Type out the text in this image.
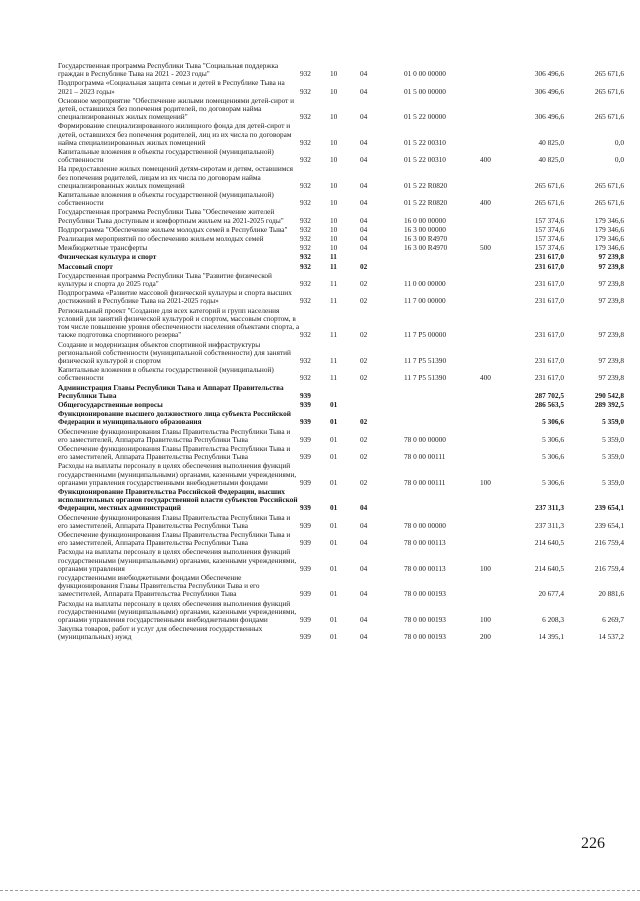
Государственная программа Республики Тыва "Социальная поддержка граждан в Республике Тыва на 2021 - 2023 годы"	932	10	04	01 0 00 00000		306 496,6	265 671,6
Подпрограмма «Социальная защита семьи и детей в Республике Тыва на 2021 – 2023 годы»	932	10	04	01 5 00 00000		306 496,6	265 671,6
Основное мероприятие "Обеспечение жилыми помещениями детей-сирот и детей, оставшихся без попечения родителей, по договорам найма специализированных жилых помещений"	932	10	04	01 5 22 00000		306 496,6	265 671,6
Формирование специализированного жилищного фонда для детей-сирот и детей, оставшихся без попечения родителей, лиц из их числа по договорам найма специализированных жилых помещений	932	10	04	01 5 22 00310		40 825,0	0,0
Капитальные вложения в объекты государственной (муниципальной) собственности	932	10	04	01 5 22 00310	400	40 825,0	0,0
На предоставление жилых помещений детям-сиротам и детям, оставшимся без попечения родителей, лицам из их числа по договорам найма специализированных жилых помещений	932	10	04	01 5 22 R0820		265 671,6	265 671,6
Капитальные вложения в объекты государственной (муниципальной) собственности	932	10	04	01 5 22 R0820	400	265 671,6	265 671,6
Государственная программа Республики Тыва "Обеспечение жителей Республики Тыва доступным и комфортным жильем на 2021-2025 годы"	932	10	04	16 0 00 00000		157 374,6	179 346,6
Подпрограмма "Обеспечение жильем молодых семей в Республике Тыва"	932	10	04	16 3 00 00000		157 374,6	179 346,6
Реализация мероприятий по обеспечению жильем молодых семей	932	10	04	16 3 00 R4970		157 374,6	179 346,6
Межбюджетные трансферты	932	10	04	16 3 00 R4970	500	157 374,6	179 346,6
Физическая культура и спорт	932	11				231 617,0	97 239,8
Массовый спорт	932	11	02			231 617,0	97 239,8
Государственная программа Республики Тыва "Развитие физической культуры и спорта до 2025 года"	932	11	02	11 0 00 00000		231 617,0	97 239,8
Подпрограмма «Развитие массовой физической культуры и спорта высших достижений в Республике Тыва на 2021-2025 годы»	932	11	02	11 7 00 00000		231 617,0	97 239,8
Региональный проект "Создание для всех категорий и групп населения условий для занятий физической культурой и спортом, массовым спортом, в том числе повышение уровня обеспеченности населения объектами спорта, а также подготовка спортивного резерва"	932	11	02	11 7 P5 00000		231 617,0	97 239,8
Создание и модернизация объектов спортивной инфраструктуры региональной собственности (муниципальной собственности) для занятий физической культурой и спортом	932	11	02	11 7 P5 51390		231 617,0	97 239,8
Капитальные вложения в объекты государственной (муниципальной) собственности	932	11	02	11 7 P5 51390	400	231 617,0	97 239,8
Администрация Главы Республики Тыва и Аппарат Правительства Республики Тыва	939					287 702,5	290 542,8
Общегосударственные вопросы	939	01				286 563,5	289 392,5
Функционирование высшего должностного лица субъекта Российской Федерации и муниципального образования	939	01	02			5 306,6	5 359,0
Обеспечение функционирования Главы Правительства Республики Тыва и его заместителей, Аппарата Правительства Республики Тыва	939	01	02	78 0 00 00000		5 306,6	5 359,0
Обеспечение функционирования Главы Правительства Республики Тыва и его заместителей, Аппарата Правительства Республики Тыва	939	01	02	78 0 00 00111		5 306,6	5 359,0
Расходы на выплаты персоналу в целях обеспечения выполнения функций государственными (муниципальными) органами, казенными учреждениями, органами управления государственными внебюджетными фондами	939	01	02	78 0 00 00111	100	5 306,6	5 359,0
Функционирование Правительства Российской Федерации, высших исполнительных органов государственной власти субъектов Российской Федерации, местных администраций	939	01	04			237 311,3	239 654,1
Обеспечение функционирования Главы Правительства Республики Тыва и его заместителей, Аппарата Правительства Республики Тыва	939	01	04	78 0 00 00000		237 311,3	239 654,1
Обеспечение функционирования Главы Правительства Республики Тыва и его заместителей, Аппарата Правительства Республики Тыва	939	01	04	78 0 00 00113		214 640,5	216 759,4
Расходы на выплаты персоналу в целях обеспечения выполнения функций государственными (муниципальными) органами, казенными учреждениями, органами управления	939	01	04	78 0 00 00113	100	214 640,5	216 759,4
государственными внебюджетными фондами Обеспечение функционирования Главы Правительства Республики Тыва и его заместителей, Аппарата Правительства Республики Тыва	939	01	04	78 0 00 00193		20 677,4	20 881,6
Расходы на выплаты персоналу в целях обеспечения выполнения функций государственными (муниципальными) органами, казенными учреждениями, органами управления государственными внебюджетными фондами	939	01	04	78 0 00 00193	100	6 208,3	6 269,7
Закупка товаров, работ и услуг для обеспечения государственных (муниципальных) нужд	939	01	04	78 0 00 00193	200	14 395,1	14 537,2
226
